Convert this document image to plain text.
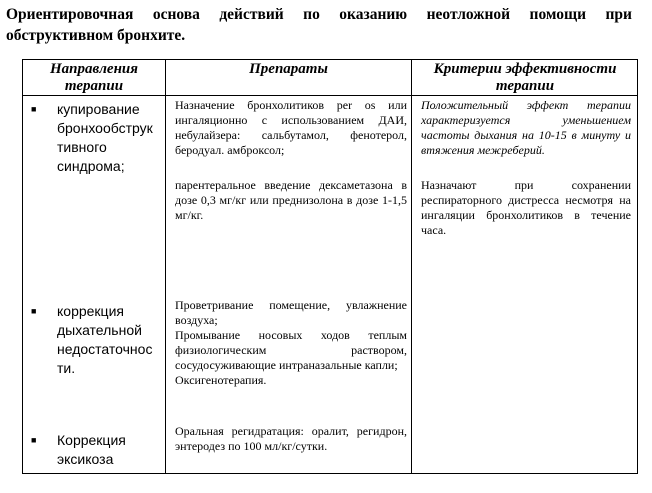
Ориентировочная основа действий по оказанию неотложной помощи при обструктивном бронхите.

Направления
терапии
Препараты	Критерии эффективности
терапии
■ купирование
бронхообструк
тивного
синдрома;
■ коррекция
дыхательной
недостаточнос
ти.
■ Коррекция
эксикоза
Назначение бронхолитиков per os или ингаляционно с использованием ДАИ, небулайзера: сальбутамол, фенотерол, беродуал. амброксол;
парентеральное введение дексаметазона в дозе 0,3 мг/кг или преднизолона в дозе 1-1,5 мг/кг.
Проветривание помещение, увлажнение воздуха;
Промывание носовых ходов теплым физиологическим раствором, сосудосуживающие интраназальные капли;
Оксигенотерапия.
Оральная регидратация: оралит, регидрон, энтеродез по 100 мл/кг/сутки.
Положительный эффект терапии характеризуется уменьшением частоты дыхания на 10-15 в минуту и втяжения межреберий.
Назначают при сохранении респираторного дистресса несмотря на ингаляции бронхолитиков в течение часа.
